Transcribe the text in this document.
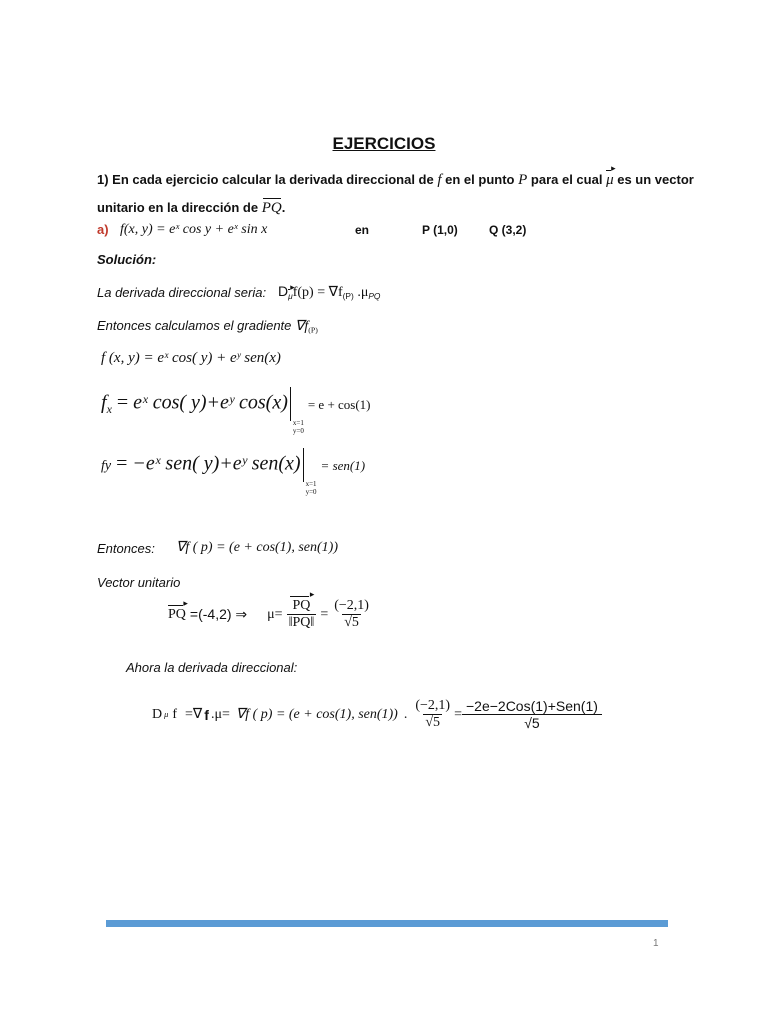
EJERCICIOS
1) En cada ejercicio calcular la derivada direccional de f en el punto P para el cual μ ▸ es un vector
unitario en la dirección de PQ.
a) f(x, y) = eˣ cos y + eˣ sin x	en	P (1,0)	Q (3,2)
Solución:
La derivada direccional seria: Dμ ▸f(p) = $\nabla f_{(P)}$ $.\mu_{PQ}$
Entonces calculamos el gradiente $\nabla f_{(P)}$
f (x, y) = eˣ cos( y) + eʸ sen(x)
$f_x$ = eˣ cos( y)+eʸ cos(x)
x=1
y=0
= e + cos(1)
fy = −eˣ sen( y)+eʸ sen(x)
x=1
y=0
= sen(1)
Entonces: ∇f ( p) = (e + cos(1), sen(1))
Vector unitario
PQ ▸ =(-4,2) ⇒ $\mu= \frac{PQ ▸}{‖PQ‖} = \frac{(-2,1)}{√5}$
Ahora la derivada direccional:
D μ f =∇ f .μ= ∇f ( p) = (e + cos(1), sen(1)) . $\frac{(-2,1)}{√5} = \frac{\text{−2e−2Cos(1)+Sen(1)}}{√5}$
1
